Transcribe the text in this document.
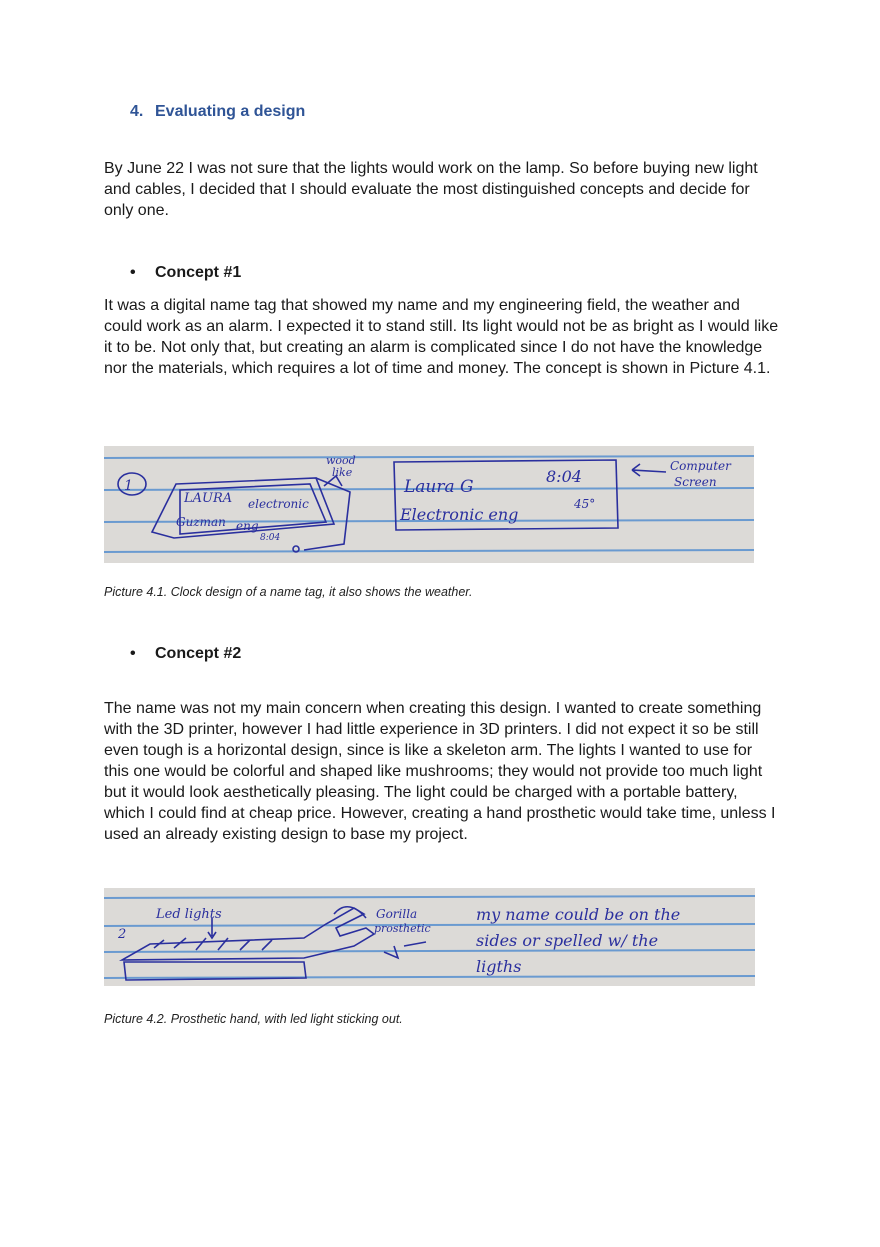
4. Evaluating a design

By June 22 I was not sure that the lights would work on the lamp. So before buying new light and cables, I decided that I should evaluate the most distinguished concepts and decide for only one.

• Concept #1

It was a digital name tag that showed my name and my engineering field, the weather and could work as an alarm. I expected it to stand still. Its light would not be as bright as I would like it to be. Not only that, but creating an alarm is complicated since I do not have the knowledge nor the materials, which requires a lot of time and money. The concept is shown in Picture 4.1.

1
wood
like
LAURA electronic
Guzman eng
8:04
Laura G
Electronic eng
8:04
45°
Computer
Screen
Picture 4.1. Clock design of a name tag, it also shows the weather.
• Concept #2

The name was not my main concern when creating this design. I wanted to create something with the 3D printer, however I had little experience in 3D printers. I did not expect it so be still even tough is a horizontal design, since is like a skeleton arm. The lights I wanted to use for this one would be colorful and shaped like mushrooms; they would not provide too much light but it would look aesthetically pleasing. The light could be charged with a portable battery, which I could find at cheap price. However, creating a hand prosthetic would take time, unless I used an already existing design to base my project.

2
Led lights	Gorilla
prosthetic
my name could be on the
sides or spelled w/ the
ligths
Picture 4.2. Prosthetic hand, with led light sticking out.
